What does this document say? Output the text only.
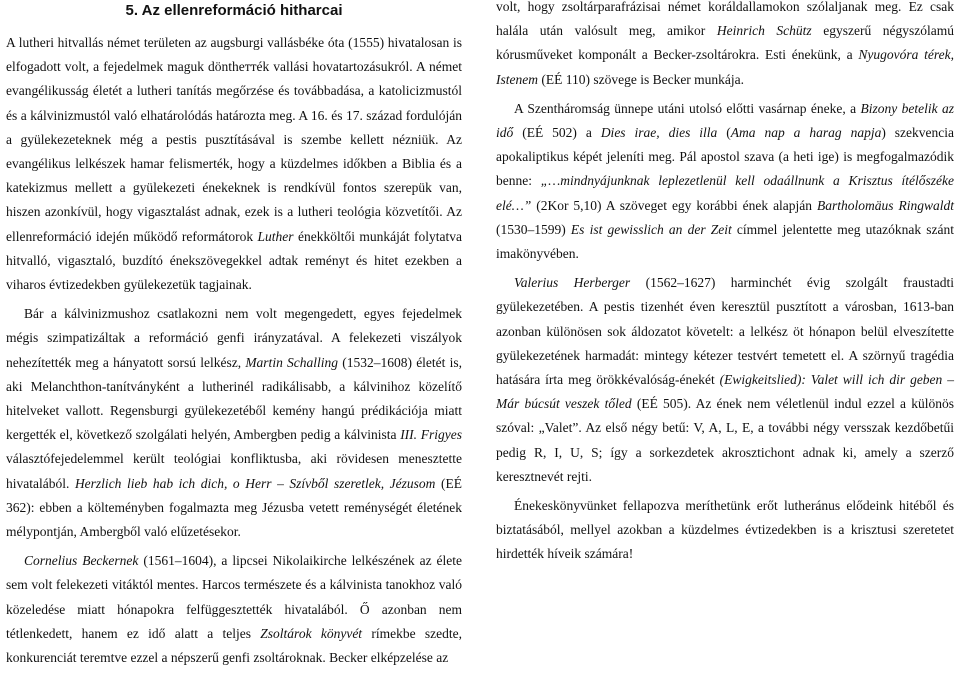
5. Az ellenreformáció hitharcai

A lutheri hitvallás német területen az augsburgi vallásbéke óta (1555) hivatalosan is elfogadott volt, a fejedelmek maguk döntheттék vallási hovatartozásukról. A német evangélikusság életét a lutheri tanítás megőrzése és továbbadása, a katolicizmustól és a kálvinizmustól való elhatárolódás határozta meg. A 16. és 17. század fordulóján a gyülekezeteknek még a pestis pusztításával is szembe kellett nézniük. Az evangélikus lelkészek hamar felismerték, hogy a küzdelmes időkben a Biblia és a katekizmus mellett a gyülekezeti énekeknek is rendkívül fontos szerepük van, hiszen azonkívül, hogy vigasztalást adnak, ezek is a lutheri teológia közvetítői. Az ellenreformáció idején működő reformátorok Luther énekköltői munkáját folytatva hitvalló, vigasztaló, buzdító énekszövegekkel adtak reményt és hitet ezekben a viharos évtizedekben gyülekezetük tagjainak.

Bár a kálvinizmushoz csatlakozni nem volt megengedett, egyes fejedelmek mégis szimpatizáltak a reformáció genfi irányzatával. A felekezeti viszályok nehezítették meg a hányatott sorsú lelkész, Martin Schalling (1532–1608) életét is, aki Melanchthon-tanítványként a lutherinél radikálisabb, a kálvinihoz közelítő hitelveket vallott. Regensburgi gyülekezetéből kemény hangú prédikációja miatt kergették el, következő szolgálati helyén, Ambergben pedig a kálvinista III. Frigyes választófejedelemmel került teológiai konfliktusba, aki rövidesen menesztette hivatalából. Herzlich lieb hab ich dich, o Herr – Szívből szeretlek, Jézusom (EÉ 362): ebben a költeményben fogalmazta meg Jézusba vetett reménységét életének mélypontján, Ambergből való elűzetésekor.

Cornelius Beckernek (1561–1604), a lipcsei Nikolaikirche lelkészének az élete sem volt felekezeti vitáktól mentes. Harcos természete és a kálvinista tanokhoz való közeledése miatt hónapokra felfüggesztették hivatalából. Ő azonban nem tétlenkedett, hanem ez idő alatt a teljes Zsoltárok könyvét rímekbe szedte, konkurenciát teremtve ezzel a népszerű genfi zsoltároknak. Becker elképzelése az

volt, hogy zsoltárparafrázisai német koráldallamokon szólaljanak meg. Ez csak halála után valósult meg, amikor Heinrich Schütz egyszerű négyszólamú kórusműveket komponált a Becker-zsoltárokra. Esti énekünk, a Nyugovóra térek, Istenem (EÉ 110) szövege is Becker munkája.

A Szentháromság ünnepe utáni utolsó előtti vasárnap éneke, a Bizony betelik az idő (EÉ 502) a Dies irae, dies illa (Ama nap a harag napja) szekvencia apokaliptikus képét jeleníti meg. Pál apostol szava (a heti ige) is megfogalmazódik benne: „…mindnyájunknak leplezetlenül kell odaállnunk a Krisztus ítélőszéke elé…” (2Kor 5,10) A szöveget egy korábbi ének alapján Bartholomäus Ringwaldt (1530–1599) Es ist gewisslich an der Zeit címmel jelentette meg utazóknak szánt imakönyvében.

Valerius Herberger (1562–1627) harminchét évig szolgált fraustadti gyülekezetében. A pestis tizenhét éven keresztül pusztított a városban, 1613-ban azonban különösen sok áldozatot követelt: a lelkész öt hónapon belül elveszítette gyülekezetének harmadát: mintegy kétezer testvért temetett el. A szörnyű tragédia hatására írta meg örökkévalóság-énekét (Ewigkeitslied): Valet will ich dir geben – Már búcsút veszek tőled (EÉ 505). Az ének nem véletlenül indul ezzel a különös szóval: „Valet”. Az első négy betű: V, A, L, E, a további négy versszak kezdőbetűi pedig R, I, U, S; így a sorkezdetek akrosztichont adnak ki, amely a szerző keresztnevét rejti.

Énekeskönyvünket fellapozva meríthetünk erőt lutheránus elődeink hitéből és biztatásából, mellyel azokban a küzdelmes évtizedekben is a krisztusi szeretetet hirdették híveik számára!
